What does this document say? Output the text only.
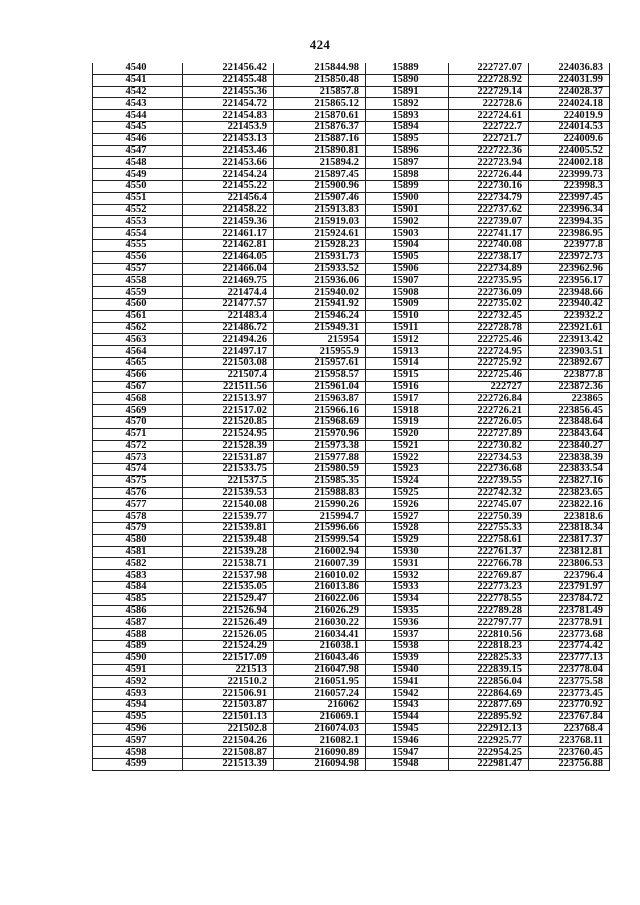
424
4540	221456.42	215844.98	15889	222727.07	224036.83
4541	221455.48	215850.48	15890	222728.92	224031.99
4542	221455.36	215857.8	15891	222729.14	224028.37
4543	221454.72	215865.12	15892	222728.6	224024.18
4544	221454.83	215870.61	15893	222724.61	224019.9
4545	221453.9	215876.37	15894	222722.7	224014.53
4546	221453.13	215887.16	15895	222721.7	224009.6
4547	221453.46	215890.81	15896	222722.36	224005.52
4548	221453.66	215894.2	15897	222723.94	224002.18
4549	221454.24	215897.45	15898	222726.44	223999.73
4550	221455.22	215900.96	15899	222730.16	223998.3
4551	221456.4	215907.46	15900	222734.79	223997.45
4552	221458.22	215913.83	15901	222737.62	223996.34
4553	221459.36	215919.03	15902	222739.07	223994.35
4554	221461.17	215924.61	15903	222741.17	223986.95
4555	221462.81	215928.23	15904	222740.08	223977.8
4556	221464.05	215931.73	15905	222738.17	223972.73
4557	221466.04	215933.52	15906	222734.89	223962.96
4558	221469.75	215936.06	15907	222735.95	223956.17
4559	221474.4	215940.02	15908	222736.09	223948.66
4560	221477.57	215941.92	15909	222735.02	223940.42
4561	221483.4	215946.24	15910	222732.45	223932.2
4562	221486.72	215949.31	15911	222728.78	223921.61
4563	221494.26	215954	15912	222725.46	223913.42
4564	221497.17	215955.9	15913	222724.95	223903.51
4565	221503.08	215957.61	15914	222725.92	223892.67
4566	221507.4	215958.57	15915	222725.46	223877.8
4567	221511.56	215961.04	15916	222727	223872.36
4568	221513.97	215963.87	15917	222726.84	223865
4569	221517.02	215966.16	15918	222726.21	223856.45
4570	221520.85	215968.69	15919	222726.05	223848.64
4571	221524.95	215970.96	15920	222727.89	223843.64
4572	221528.39	215973.38	15921	222730.82	223840.27
4573	221531.87	215977.88	15922	222734.53	223838.39
4574	221533.75	215980.59	15923	222736.68	223833.54
4575	221537.5	215985.35	15924	222739.55	223827.16
4576	221539.53	215988.83	15925	222742.32	223823.65
4577	221540.08	215990.26	15926	222745.07	223822.16
4578	221539.77	215994.7	15927	222750.39	223818.6
4579	221539.81	215996.66	15928	222755.33	223818.34
4580	221539.48	215999.54	15929	222758.61	223817.37
4581	221539.28	216002.94	15930	222761.37	223812.81
4582	221538.71	216007.39	15931	222766.78	223806.53
4583	221537.98	216010.02	15932	222769.87	223796.4
4584	221535.05	216013.86	15933	222773.23	223791.97
4585	221529.47	216022.06	15934	222778.55	223784.72
4586	221526.94	216026.29	15935	222789.28	223781.49
4587	221526.49	216030.22	15936	222797.77	223778.91
4588	221526.05	216034.41	15937	222810.56	223773.68
4589	221524.29	216038.1	15938	222818.23	223774.42
4590	221517.09	216043.46	15939	222825.33	223777.13
4591	221513	216047.98	15940	222839.15	223778.04
4592	221510.2	216051.95	15941	222856.04	223775.58
4593	221506.91	216057.24	15942	222864.69	223773.45
4594	221503.87	216062	15943	222877.69	223770.92
4595	221501.13	216069.1	15944	222895.92	223767.84
4596	221502.8	216074.03	15945	222912.13	223768.4
4597	221504.26	216082.1	15946	222925.77	223768.11
4598	221508.87	216090.89	15947	222954.25	223760.45
4599	221513.39	216094.98	15948	222981.47	223756.88
